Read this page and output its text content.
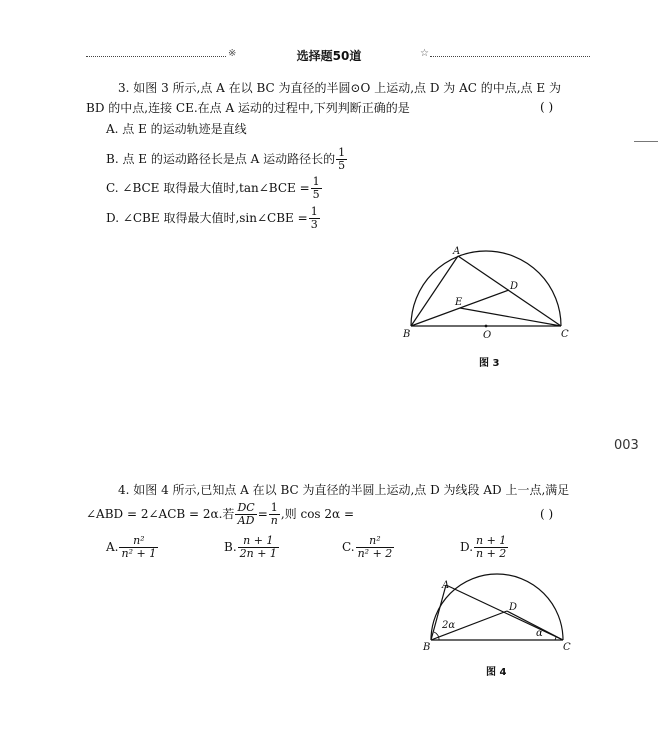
※	选择题50道	☆
3. 如图 3 所示,点 A 在以 BC 为直径的半圆⊙O 上运动,点 D 为 AC 的中点,点 E 为
BD 的中点,连接 CE.在点 A 运动的过程中,下列判断正确的是	( )
A. 点 E 的运动轨迹是直线
B. 点 E 的运动路径长是点 A 运动路径长的 $\frac{1}{5}$
C. ∠BCE 取得最大值时,tan∠BCE = $\frac{1}{5}$
D. ∠CBE 取得最大值时,sin∠CBE = $\frac{1}{3}$
A
B	C
D
E
O
图 3
003
4. 如图 4 所示,已知点 A 在以 BC 为直径的半圆上运动,点 D 为线段 AD 上一点,满足
∠ABD = 2∠ACB = 2α.若 $\frac{DC}{AD} = \frac{1}{n}$ ,则 cos 2α =	( )
A. $\frac{\text{n²}}{\text{n² + 1}}$	B. $\frac{n + 1}{2n + 1}$	C. $\frac{\text{n²}}{\text{n² + 2}}$	D. $\frac{n + 1}{n + 2}$
A
B	C
D
2α
α
图 4
